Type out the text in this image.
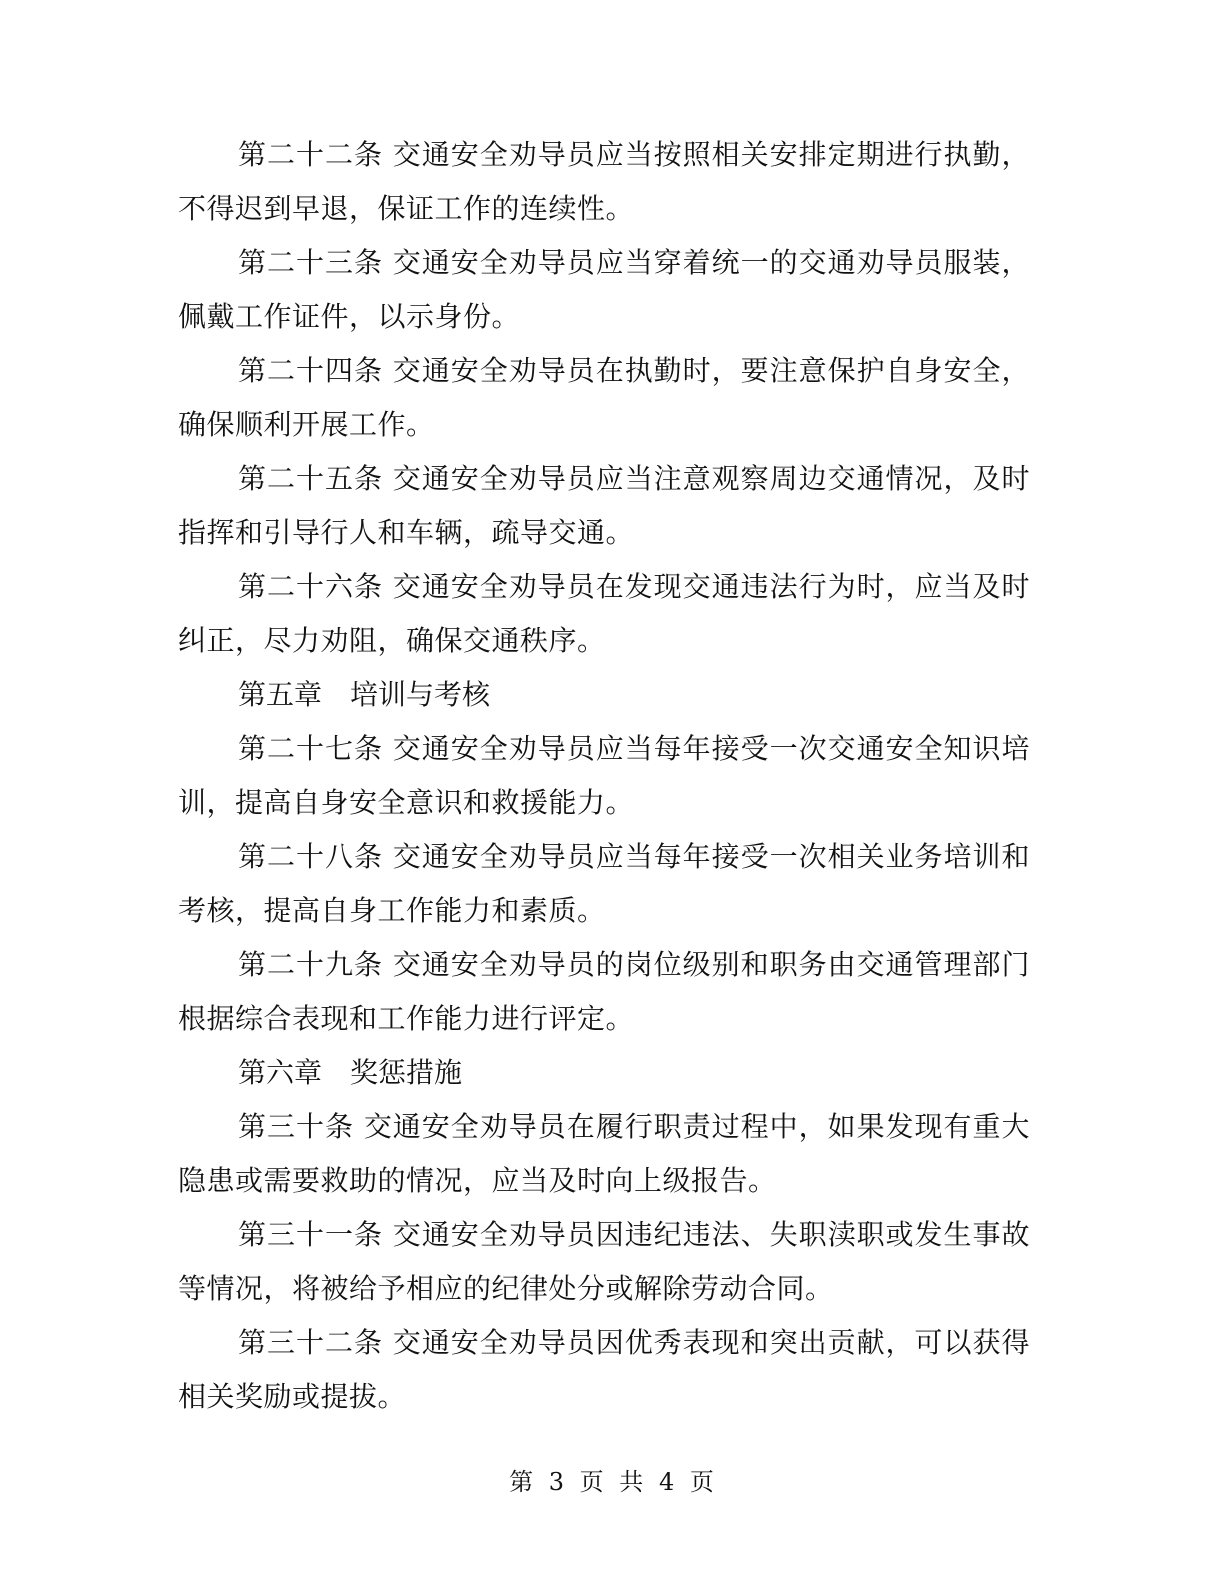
第二十二条 交通安全劝导员应当按照相关安排定期进行执勤，不得迟到早退，保证工作的连续性。

第二十三条 交通安全劝导员应当穿着统一的交通劝导员服装，佩戴工作证件，以示身份。

第二十四条 交通安全劝导员在执勤时，要注意保护自身安全，确保顺利开展工作。

第二十五条 交通安全劝导员应当注意观察周边交通情况，及时指挥和引导行人和车辆，疏导交通。

第二十六条 交通安全劝导员在发现交通违法行为时，应当及时纠正，尽力劝阻，确保交通秩序。

第五章　培训与考核

第二十七条 交通安全劝导员应当每年接受一次交通安全知识培训，提高自身安全意识和救援能力。

第二十八条 交通安全劝导员应当每年接受一次相关业务培训和考核，提高自身工作能力和素质。

第二十九条 交通安全劝导员的岗位级别和职务由交通管理部门根据综合表现和工作能力进行评定。

第六章　奖惩措施

第三十条 交通安全劝导员在履行职责过程中，如果发现有重大隐患或需要救助的情况，应当及时向上级报告。

第三十一条 交通安全劝导员因违纪违法、失职渎职或发生事故等情况，将被给予相应的纪律处分或解除劳动合同。

第三十二条 交通安全劝导员因优秀表现和突出贡献，可以获得相关奖励或提拔。

第 3 页 共 4 页
